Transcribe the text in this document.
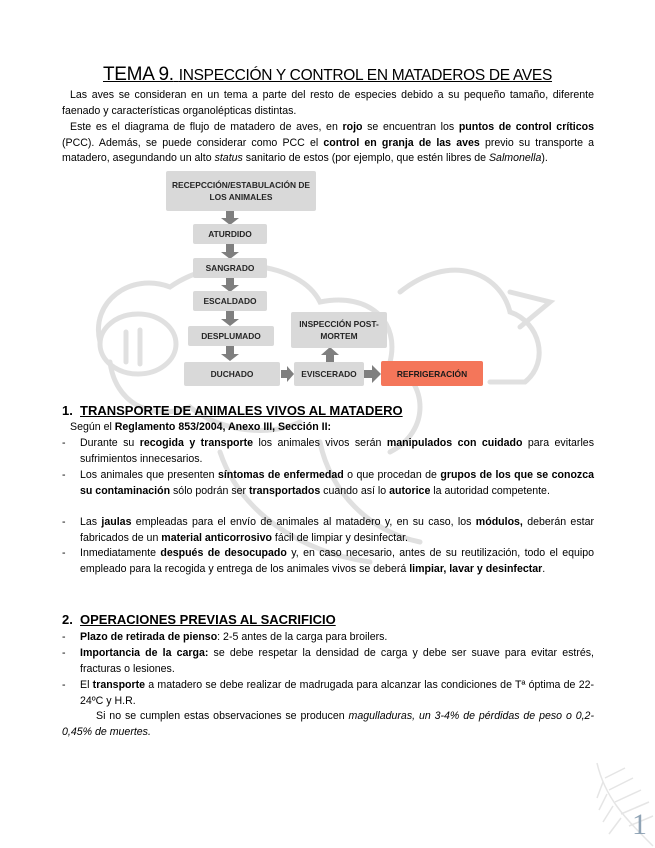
TEMA 9. INSPECCIÓN Y CONTROL EN MATADEROS DE AVES

Las aves se consideran en un tema a parte del resto de especies debido a su pequeño tamaño, diferente faenado y características organolépticas distintas.

Este es el diagrama de flujo de matadero de aves, en rojo se encuentran los puntos de control críticos (PCC). Además, se puede considerar como PCC el control en granja de las aves previo su transporte a matadero, asegundando un alto status sanitario de estos (por ejemplo, que estén libres de Salmonella).

RECEPCCIÓN/ESTABULACIÓN DE LOS ANIMALES
ATURDIDO
SANGRADO
ESCALDADO
DESPLUMADO
DUCHADO	EVISCERADO
INSPECCIÓN POST-MORTEM
REFRIGERACIÓN
1. TRANSPORTE DE ANIMALES VIVOS AL MATADERO

Según el Reglamento 853/2004, Anexo III, Sección II:

- Durante su recogida y transporte los animales vivos serán manipulados con cuidado para evitarles sufrimientos innecesarios.
- Los animales que presenten síntomas de enfermedad o que procedan de grupos de los que se conozca su contaminación sólo podrán ser transportados cuando así lo autorice la autoridad competente.
- Las jaulas empleadas para el envío de animales al matadero y, en su caso, los módulos, deberán estar fabricados de un material anticorrosivo fácil de limpiar y desinfectar.
- Inmediatamente después de desocupado y, en caso necesario, antes de su reutilización, todo el equipo empleado para la recogida y entrega de los animales vivos se deberá limpiar, lavar y desinfectar.
2. OPERACIONES PREVIAS AL SACRIFICIO
- Plazo de retirada de pienso: 2-5 antes de la carga para broilers.
- Importancia de la carga: se debe respetar la densidad de carga y debe ser suave para evitar estrés, fracturas o lesiones.
- El transporte a matadero se debe realizar de madrugada para alcanzar las condiciones de Tª óptima de 22-24ºC y H.R.

Si no se cumplen estas observaciones se producen magulladuras, un 3-4% de pérdidas de peso o 0,2-0,45% de muertes.

1
